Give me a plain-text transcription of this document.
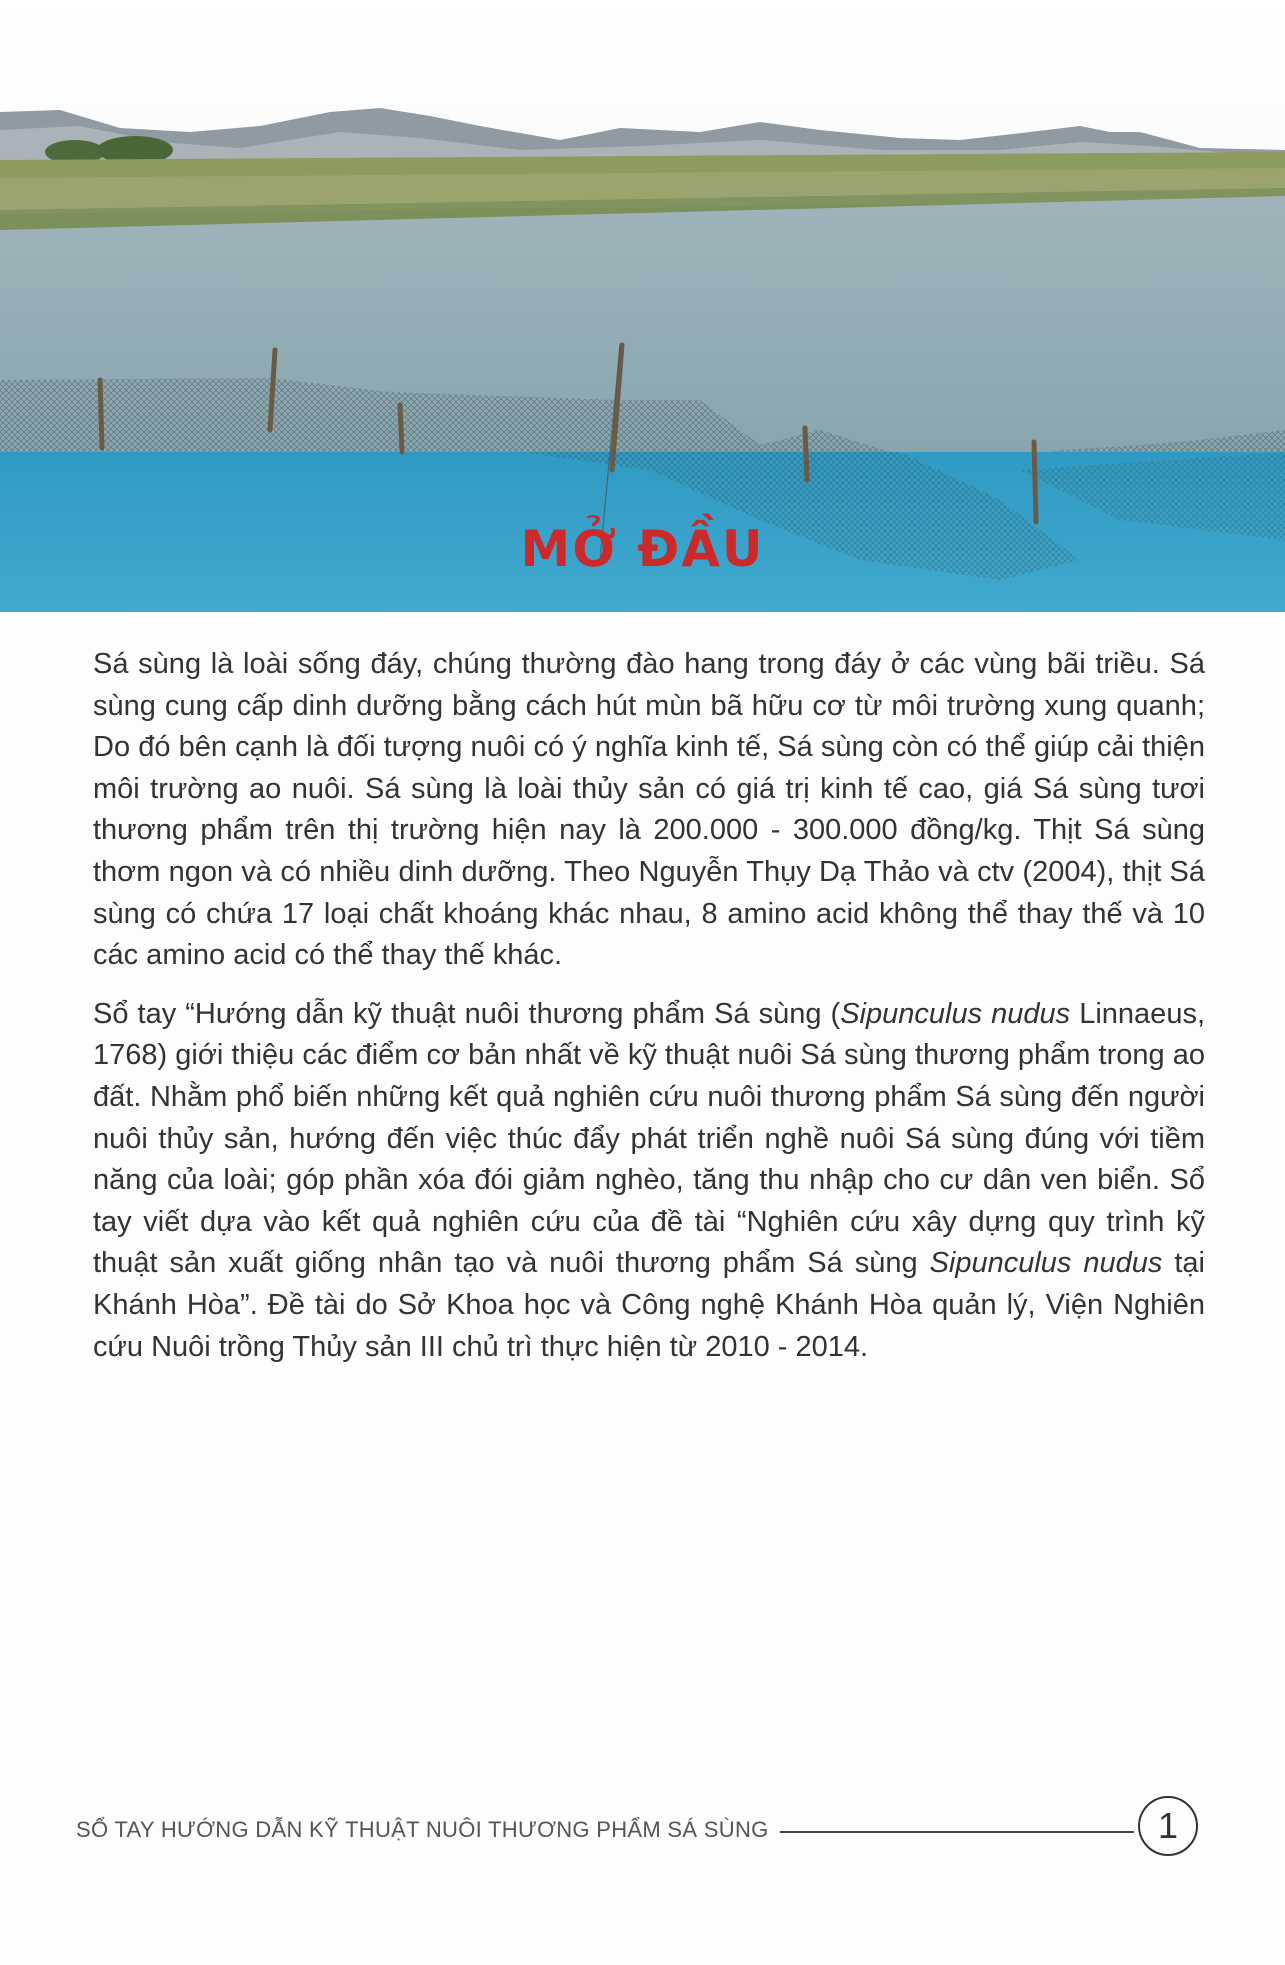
MỞ ĐẦU

Sá sùng là loài sống đáy, chúng thường đào hang trong đáy ở các vùng bãi triều. Sá sùng cung cấp dinh dưỡng bằng cách hút mùn bã hữu cơ từ môi trường xung quanh; Do đó bên cạnh là đối tượng nuôi có ý nghĩa kinh tế, Sá sùng còn có thể giúp cải thiện môi trường ao nuôi. Sá sùng là loài thủy sản có giá trị kinh tế cao, giá Sá sùng tươi thương phẩm trên thị trường hiện nay là 200.000 - 300.000 đồng/kg. Thịt Sá sùng thơm ngon và có nhiều dinh dưỡng. Theo Nguyễn Thụy Dạ Thảo và ctv (2004), thịt Sá sùng có chứa 17 loại chất khoáng khác nhau, 8 amino acid không thể thay thế và 10 các amino acid có thể thay thế khác.

Sổ tay “Hướng dẫn kỹ thuật nuôi thương phẩm Sá sùng (Sipunculus nudus Linnaeus, 1768) giới thiệu các điểm cơ bản nhất về kỹ thuật nuôi Sá sùng thương phẩm trong ao đất. Nhằm phổ biến những kết quả nghiên cứu nuôi thương phẩm Sá sùng đến người nuôi thủy sản, hướng đến việc thúc đẩy phát triển nghề nuôi Sá sùng đúng với tiềm năng của loài; góp phần xóa đói giảm nghèo, tăng thu nhập cho cư dân ven biển. Sổ tay viết dựa vào kết quả nghiên cứu của đề tài “Nghiên cứu xây dựng quy trình kỹ thuật sản xuất giống nhân tạo và nuôi thương phẩm Sá sùng Sipunculus nudus tại Khánh Hòa”. Đề tài do Sở Khoa học và Công nghệ Khánh Hòa quản lý, Viện Nghiên cứu Nuôi trồng Thủy sản III chủ trì thực hiện từ 2010 - 2014.

SỔ TAY HƯỚNG DẪN KỸ THUẬT NUÔI THƯƠNG PHẨM SÁ SÙNG	1
